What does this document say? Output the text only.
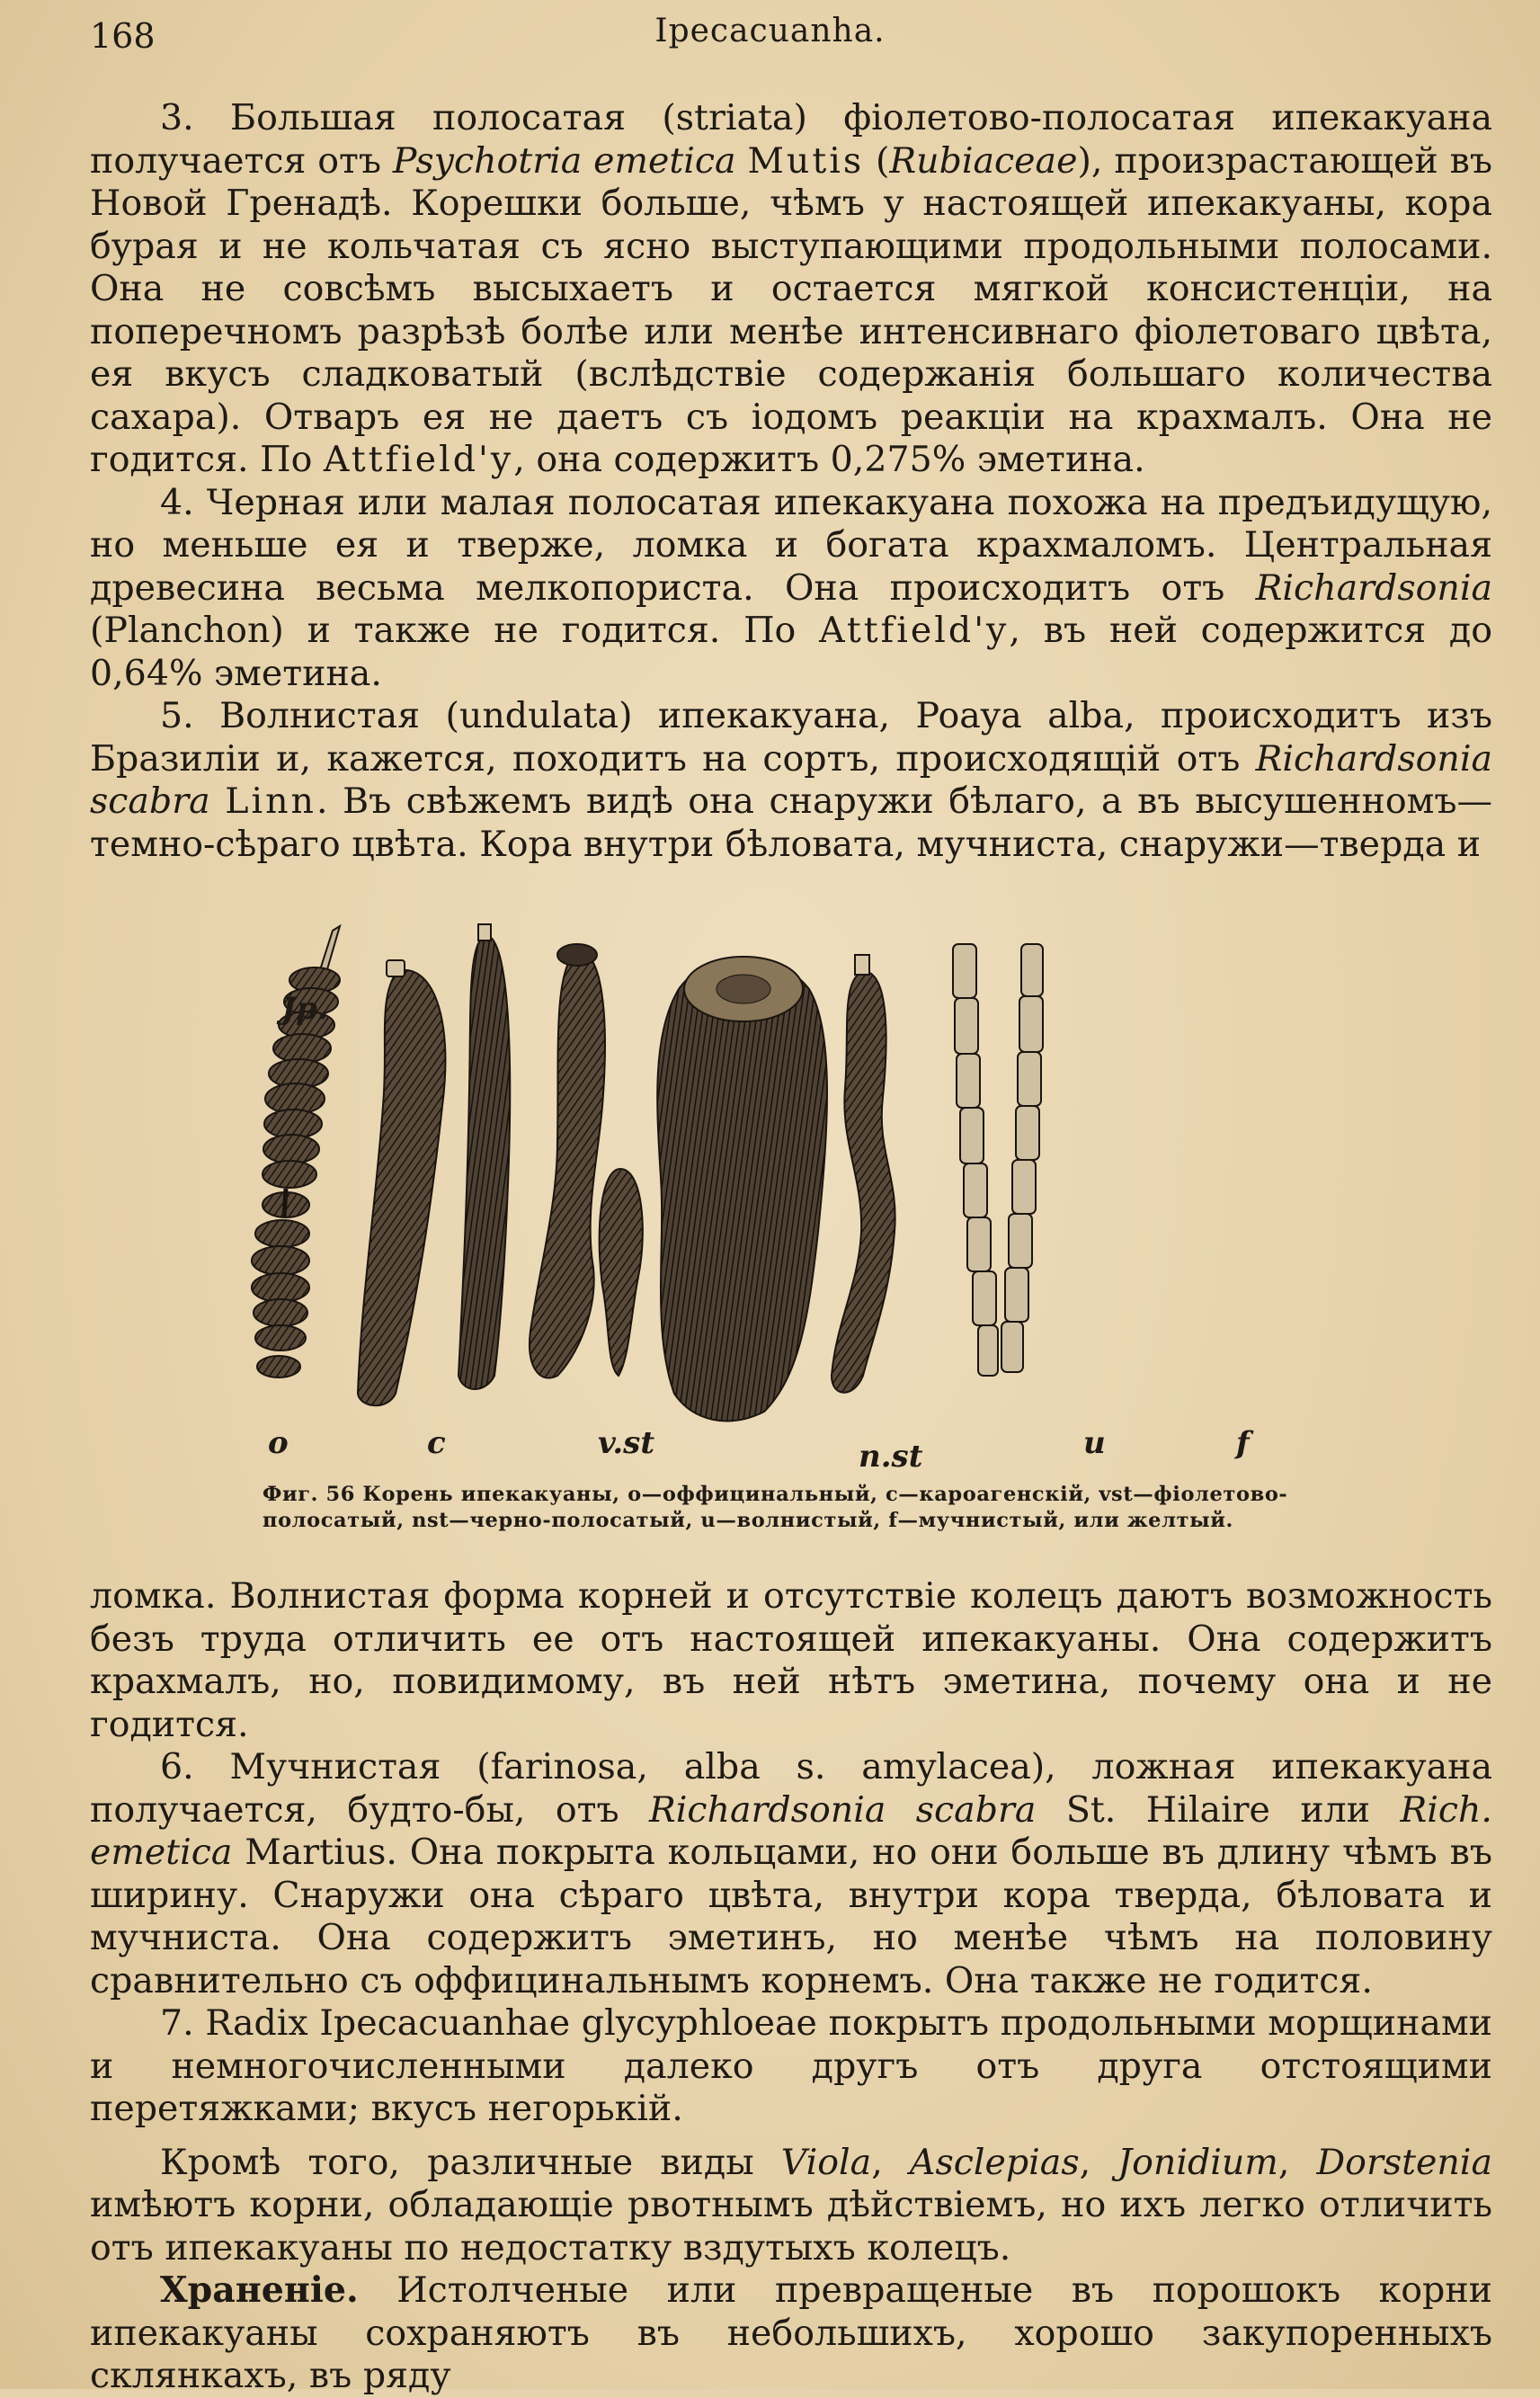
168	Ipecacuanha.

3. Большая полосатая (striata) фіолетово-полосатая ипекакуана получается отъ Psychotria emetica Mutis (Rubiaceae), произрастающей въ Новой Гренадѣ. Корешки больше, чѣмъ у настоящей ипекакуаны, кора бурая и не кольчатая съ ясно выступающими продольными полосами. Она не совсѣмъ высыхаетъ и остается мягкой консистенціи, на поперечномъ разрѣзѣ болѣе или менѣе интенсивнаго фіолетоваго цвѣта, ея вкусъ сладковатый (вслѣдствіе содержанія большаго количества сахара). Отваръ ея не даетъ съ іодомъ реакціи на крахмалъ. Она не годится. По Attfield'y, она содержитъ 0,275% эметина.

4. Черная или малая полосатая ипекакуана похожа на предъидущую, но меньше ея и тверже, ломка и богата крахмаломъ. Центральная древесина весьма мелкопориста. Она происходитъ отъ Richardsonia (Planchon) и также не годится. По Attfield'y, въ ней содержится до 0,64% эметина.

5. Волнистая (undulata) ипекакуана, Poaya alba, происходитъ изъ Бразиліи и, кажется, походитъ на сортъ, происходящій отъ Richardsonia scabra Linn. Въ свѣжемъ видѣ она снаружи бѣлаго, а въ высушенномъ— темно-сѣраго цвѣта. Кора внутри бѣловата, мучниста, снаружи—тверда и

Jp.
o	c	v.st	n.st	u	f
Фиг. 56 Корень ипекакуаны, о—оффицинальный, с—карoагенскій, vst—фіолетово-полосатый, nst—черно-полосатый, u—волнистый, f—мучнистый, или желтый.

ломка. Волнистая форма корней и отсутствіе колецъ даютъ возможность безъ труда отличить ее отъ настоящей ипекакуаны. Она содержитъ крахмалъ, но, повидимому, въ ней нѣтъ эметина, почему она и не годится.

6. Мучнистая (farinosa, alba s. amylacea), ложная ипекакуана получается, будто-бы, отъ Richardsonia scabra St. Hilaire или Rich. emetica Martius. Она покрыта кольцами, но они больше въ длину чѣмъ въ ширину. Снаружи она сѣраго цвѣта, внутри кора тверда, бѣловата и мучниста. Она содержитъ эметинъ, но менѣе чѣмъ на половину сравнительно съ оффицинальнымъ корнемъ. Она также не годится.

7. Radix Ipecacuanhae glycyphloeae покрытъ продольными морщинами и немногочисленными далеко другъ отъ друга отстоящими перетяжками; вкусъ негорькій.

Кромѣ того, различные виды Viola, Asclepias, Jonidium, Dorstenia имѣютъ корни, обладающіе рвотнымъ дѣйствіемъ, но ихъ легко отличить отъ ипекакуаны по недостатку вздутыхъ колецъ.

Храненіе. Истолченые или превращеные въ порошокъ корни ипекакуаны сохраняютъ въ небольшихъ, хорошо закупоренныхъ склянкахъ, въ ряду
